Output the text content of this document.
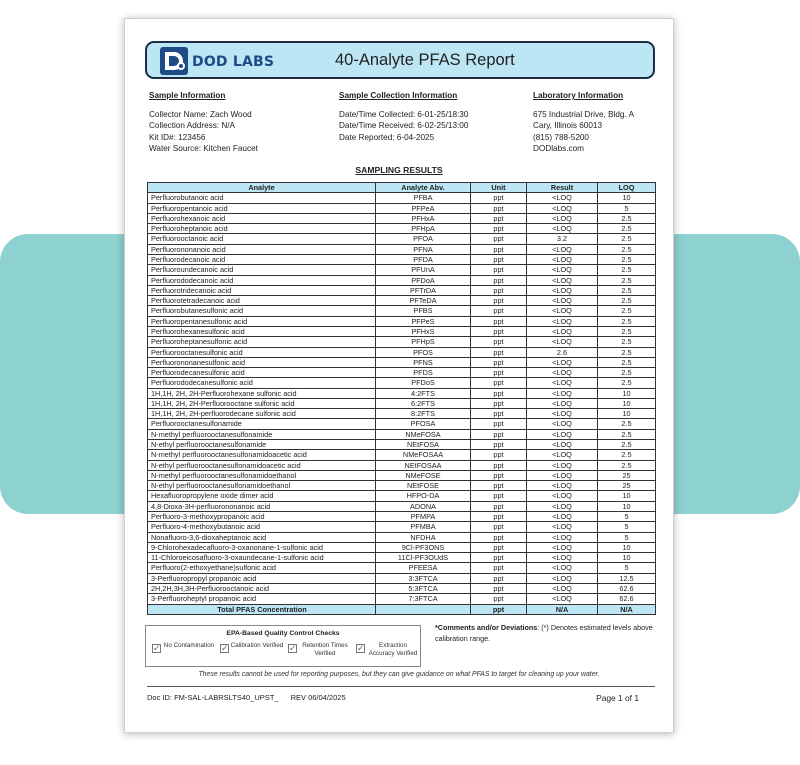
DOD LABS	40-Analyte PFAS Report
Sample Information
Collector Name: Zach Wood
Collection Address: N/A
Kit ID#: 123456
Water Source: Kitchen Faucet
Sample Collection Information
Date/Time Collected: 6-01-25/18:30
Date/Time Received: 6-02-25/13:00
Date Reported: 6-04-2025
Laboratory Information
675 Industrial Drive, Bldg. A
Cary, Illinois 60013
(815) 788-5200
DODlabs.com
SAMPLING RESULTS
Analyte	Analyte Abv.	Unit	Result	LOQ
Perfluorobutanoic acid	PFBA	ppt	<LOQ	10
Perfluoropentanoic acid	PFPeA	ppt	<LOQ	5
Perfluorohexanoic acid	PFHxA	ppt	<LOQ	2.5
Perfluoroheptanoic acid	PFHpA	ppt	<LOQ	2.5
Perfluorooctanoic acid	PFOA	ppt	3.2	2.5
Perfluorononanoic acid	PFNA	ppt	<LOQ	2.5
Perfluorodecanoic acid	PFDA	ppt	<LOQ	2.5
Perfluoroundecanoic acid	PFUnA	ppt	<LOQ	2.5
Perfluorododecanoic acid	PFDoA	ppt	<LOQ	2.5
Perfluorotridecanoic acid	PFTrDA	ppt	<LOQ	2.5
Perfluorotetradecanoic acid	PFTeDA	ppt	<LOQ	2.5
Perfluorobutanesulfonic acid	PFBS	ppt	<LOQ	2.5
Perfluoropentanesulfonic acid	PFPeS	ppt	<LOQ	2.5
Perfluorohexanesulfonic acid	PFHxS	ppt	<LOQ	2.5
Perfluoroheptanesulfonic acid	PFHpS	ppt	<LOQ	2.5
Perfluorooctanesulfonic acid	PFOS	ppt	2.6	2.5
Perfluorononanesulfonic acid	PFNS	ppt	<LOQ	2.5
Perfluorodecanesulfonic acid	PFDS	ppt	<LOQ	2.5
Perfluorododecanesulfonic acid	PFDoS	ppt	<LOQ	2.5
1H,1H, 2H, 2H-Perfluorohexane sulfonic acid	4:2FTS	ppt	<LOQ	10
1H,1H, 2H, 2H-Perfluorooctane sulfonic acid	6:2FTS	ppt	<LOQ	10
1H,1H, 2H, 2H-perfluorodecane sulfonic acid	8:2FTS	ppt	<LOQ	10
Perfluorooctanesulfonamide	PFOSA	ppt	<LOQ	2.5
N-methyl perfluorooctanesulfonamide	NMeFOSA	ppt	<LOQ	2.5
N-ethyl perfluorooctanesulfonamide	NEtFOSA	ppt	<LOQ	2.5
N-methyl perfluorooctanesulfonamidoacetic acid	NMeFOSAA	ppt	<LOQ	2.5
N-ethyl perfluorooctanesulfonamidoacetic acid	NEtFOSAA	ppt	<LOQ	2.5
N-methyl perfluorooctanesulfonamidoethanol	NMeFOSE	ppt	<LOQ	25
N-ethyl perfluorooctanesulfonamidoethanol	NEtFOSE	ppt	<LOQ	25
Hexafluoropropylene oxide dimer acid	HFPO-DA	ppt	<LOQ	10
4,8-Dioxa-3H-perfluorononanoic acid	ADONA	ppt	<LOQ	10
Perfluoro-3-methoxypropanoic acid	PFMPA	ppt	<LOQ	5
Perfluoro-4-methoxybutanoic acid	PFMBA	ppt	<LOQ	5
Nonafluoro-3,6-dioxaheptanoic acid	NFDHA	ppt	<LOQ	5
9-Chlorohexadecafluoro-3-oxanonane-1-sulfonic acid	9Cl-PF3ONS	ppt	<LOQ	10
11-Chloroeicosafluoro-3-oxaundecane-1-sulfonic acid	11Cl-PF3OUdS	ppt	<LOQ	10
Perfluoro(2-ethoxyethane)sulfonic acid	PFEESA	ppt	<LOQ	5
3-Perfluoropropyl propanoic acid	3:3FTCA	ppt	<LOQ	12.5
2H,2H,3H,3H-Perfluorooctanoic acid	5:3FTCA	ppt	<LOQ	62.6
3-Perfluoroheptyl propanoic acid	7:3FTCA	ppt	<LOQ	62.6
Total PFAS Concentration		ppt	N/A	N/A
EPA-Based Quality Control Checks
✓ No Contamination ✓ Calibration Verified ✓ Retention Times Verified
✓	Extraction Accuracy Verified
*Comments and/or Deviations: (*) Denotes estimated levels above calibration range.
These results cannot be used for reporting purposes, but they can give guidance on what PFAS to target for cleaning up your water.
Doc ID: FM-SAL-LABRSLTS40_UPST_ REV 06/04/2025	Page 1 of 1
